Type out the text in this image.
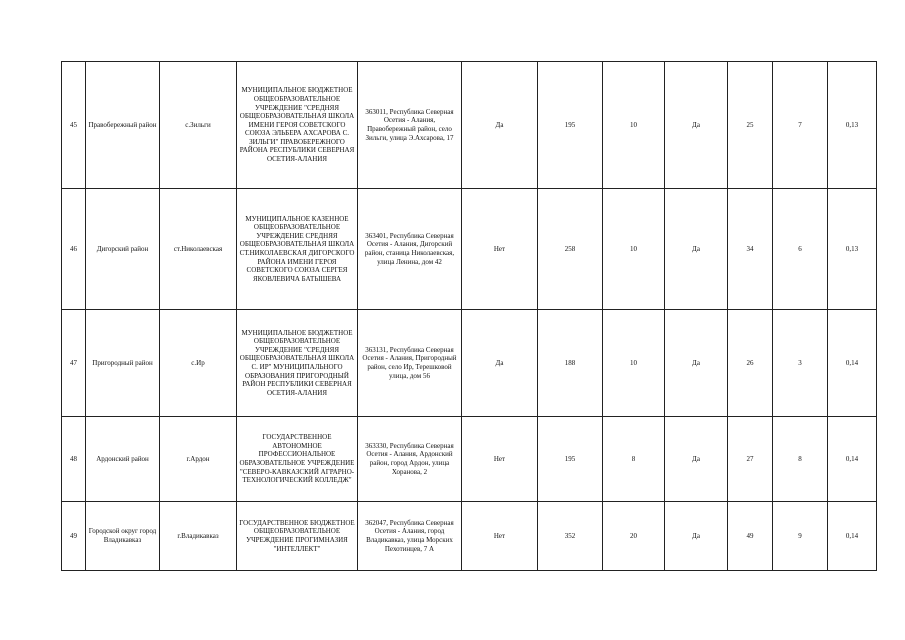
45	Правобережный район	с.Зильги	МУНИЦИПАЛЬНОЕ БЮДЖЕТНОЕ ОБЩЕОБРАЗОВАТЕЛЬНОЕ УЧРЕЖДЕНИЕ "СРЕДНЯЯ ОБЩЕОБРАЗОВАТЕЛЬНАЯ ШКОЛА ИМЕНИ ГЕРОЯ СОВЕТСКОГО СОЮЗА ЭЛЬБЕРА АХСАРОВА С. ЗИЛЬГИ" ПРАВОБЕРЕЖНОГО РАЙОНА РЕСПУБЛИКИ СЕВЕРНАЯ ОСЕТИЯ-АЛАНИЯ	363011, Республика Северная Осетия - Алания, Правобережный район, село Зильги, улица Э.Ахсарова, 17	Да	195	10	Да	25	7	0,13
46	Дигорский район	ст.Николаевская	МУНИЦИПАЛЬНОЕ КАЗЕННОЕ ОБЩЕОБРАЗОВАТЕЛЬНОЕ УЧРЕЖДЕНИЕ СРЕДНЯЯ ОБЩЕОБРАЗОВАТЕЛЬНАЯ ШКОЛА СТ.НИКОЛАЕВСКАЯ ДИГОРСКОГО РАЙОНА ИМЕНИ ГЕРОЯ СОВЕТСКОГО СОЮЗА СЕРГЕЯ ЯКОВЛЕВИЧА БАТЫШЕВА	363401, Республика Северная Осетия - Алания, Дигорский район, станица Николаевская, улица Ленина, дом 42	Нет	258	10	Да	34	6	0,13
47	Пригородный район	с.Ир	МУНИЦИПАЛЬНОЕ БЮДЖЕТНОЕ ОБЩЕОБРАЗОВАТЕЛЬНОЕ УЧРЕЖДЕНИЕ "СРЕДНЯЯ ОБЩЕОБРАЗОВАТЕЛЬНАЯ ШКОЛА С. ИР" МУНИЦИПАЛЬНОГО ОБРАЗОВАНИЯ ПРИГОРОДНЫЙ РАЙОН РЕСПУБЛИКИ СЕВЕРНАЯ ОСЕТИЯ-АЛАНИЯ	363131, Республика Северная Осетия - Алания, Пригородный район, село Ир, Терешковой улица, дом 56	Да	188	10	Да	26	3	0,14
48	Ардонский район	г.Ардон	ГОСУДАРСТВЕННОЕ АВТОНОМНОЕ ПРОФЕССИОНАЛЬНОЕ ОБРАЗОВАТЕЛЬНОЕ УЧРЕЖДЕНИЕ "СЕВЕРО-КАВКАЗСКИЙ АГРАРНО-ТЕХНОЛОГИЧЕСКИЙ КОЛЛЕДЖ"	363330, Республика Северная Осетия - Алания, Ардонский район, город Ардон, улица Хоранова, 2	Нет	195	8	Да	27	8	0,14
49	Городской округ город Владикавказ	г.Владикавказ	ГОСУДАРСТВЕННОЕ БЮДЖЕТНОЕ ОБЩЕОБРАЗОВАТЕЛЬНОЕ УЧРЕЖДЕНИЕ ПРОГИМНАЗИЯ "ИНТЕЛЛЕКТ"	362047, Республика Северная Осетия - Алания, город Владикавказ, улица Морских Пехотинцев, 7 А	Нет	352	20	Да	49	9	0,14
